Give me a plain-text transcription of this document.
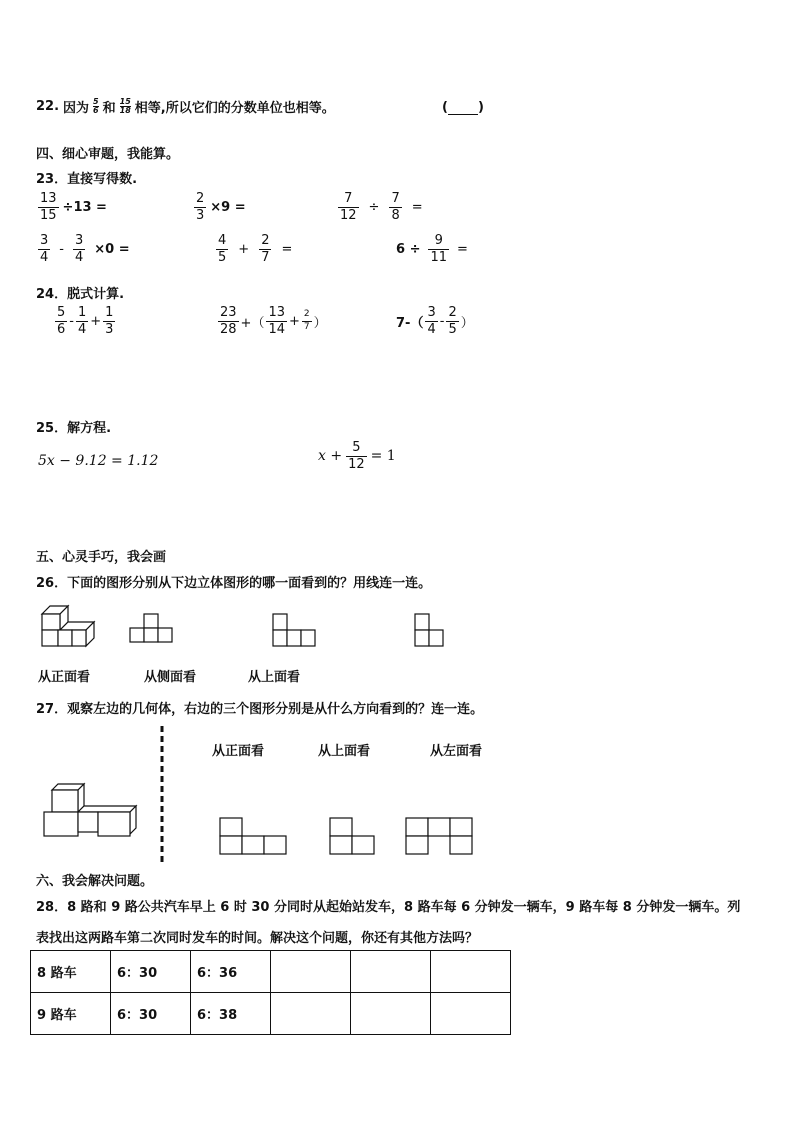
22. 因为 $\frac{5}{6}$ 和 $\frac{15}{18}$ 相等,所以它们的分数单位也相等。	( )
四、细心审题，我能算。
23．直接写得数.
$\frac{13}{15} \div 13$ =	$\frac{2}{3} \times 9$ =	$\frac{7}{12} \div \frac{7}{8}$ =
$\frac{3}{4} - \frac{3}{4} \times 0$ =	$\frac{4}{5} + \frac{2}{7}$ =	$6 \div \frac{9}{11}$ =
24．脱式计算.
$\frac{5}{6} - \frac{1}{4} + \frac{1}{3}$	$\frac{23}{28}$ +（ $\frac{13}{14} + \frac{2}{7}$ ）	$7-( \frac{3}{4} - \frac{2}{5}$ ）
25．解方程.
5x − 9.12 = 1.12	$x + \frac{5}{12} = 1$
五、心灵手巧，我会画
26．下面的图形分别从下边立体图形的哪一面看到的？用线连一连。
从正面看	从侧面看	从上面看
27．观察左边的几何体，右边的三个图形分别是从什么方向看到的？连一连。
从正面看	从上面看	从左面看
六、我会解决问题。
28．8 路和 9 路公共汽车早上 6 时 30 分同时从起始站发车，8 路车每 6 分钟发一辆车，9 路车每 8 分钟发一辆车。列
表找出这两路车第二次同时发车的时间。解决这个问题，你还有其他方法吗？
8 路车	6：30	6：36			
9 路车	6：30	6：38			
